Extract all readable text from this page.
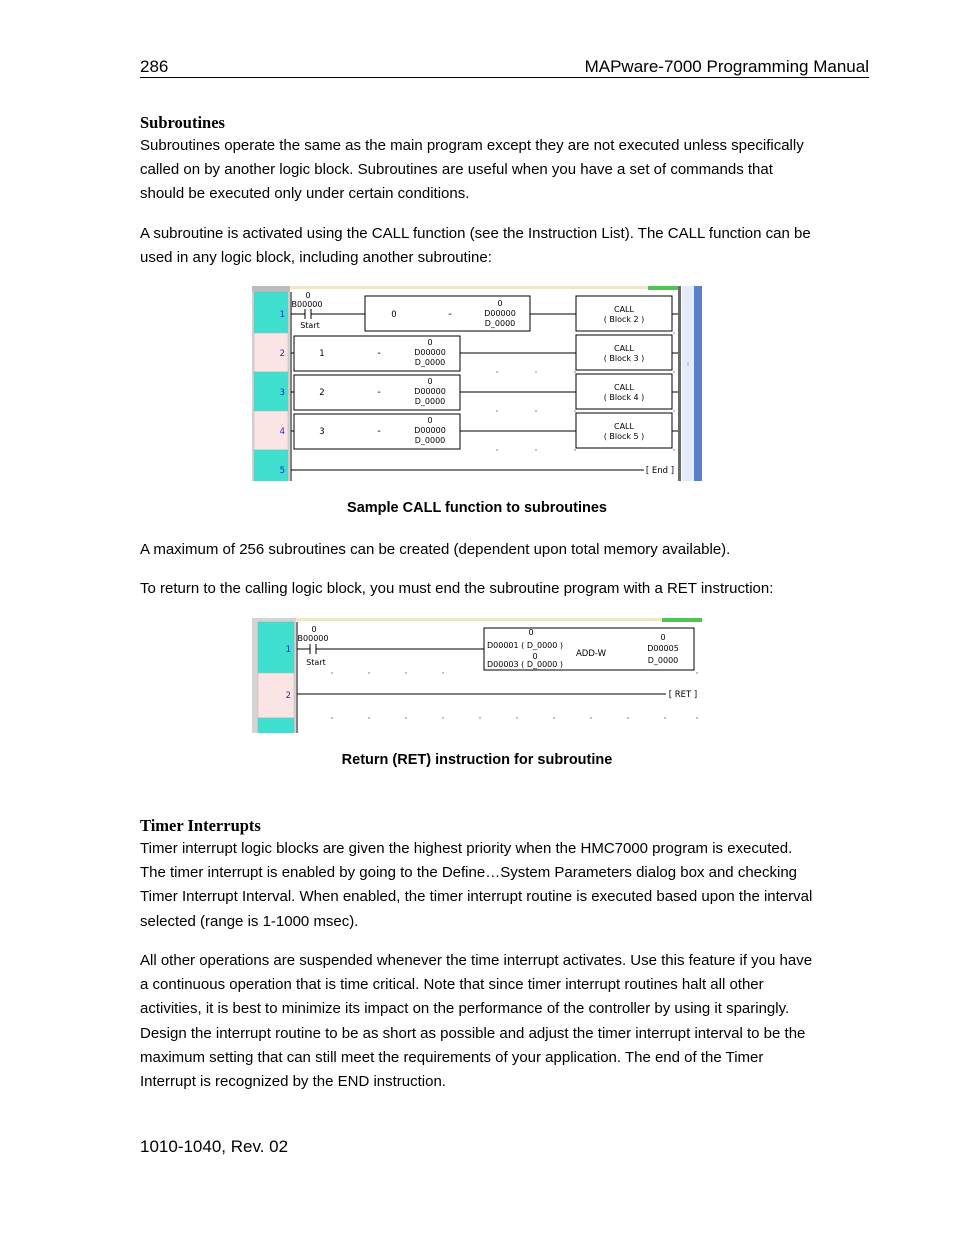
286	MAPware-7000 Programming Manual
Subroutines

Subroutines operate the same as the main program except they are not executed unless specifically called on by another logic block. Subroutines are useful when you have a set of commands that should be executed only under certain conditions.

A subroutine is activated using the CALL function (see the Instruction List). The CALL function can be used in any logic block, including another subroutine:

1
2
3
4
5
0
B00000
Start
0	-
0
D00000
D_0000
CALL
( Block 2 )
1	-
0
D00000
D_0000
CALL
( Block 3 )
2	-
0
D00000
D_0000
CALL
( Block 4 )
3	-
0
D00000
D_0000
CALL
( Block 5 )
[ End ]
Sample CALL function to subroutines

A maximum of 256 subroutines can be created (dependent upon total memory available).

To return to the calling logic block, you must end the subroutine program with a RET instruction:

1
2
0
B00000
Start
0
D00001 ( D_0000 )
0
D00003 ( D_0000 )
ADD-W
0
D00005
D_0000
[ RET ]
Return (RET) instruction for subroutine
Timer Interrupts

Timer interrupt logic blocks are given the highest priority when the HMC7000 program is executed. The timer interrupt is enabled by going to the Define…System Parameters dialog box and checking Timer Interrupt Interval. When enabled, the timer interrupt routine is executed based upon the interval selected (range is 1-1000 msec).

All other operations are suspended whenever the time interrupt activates. Use this feature if you have a continuous operation that is time critical. Note that since timer interrupt routines halt all other activities, it is best to minimize its impact on the performance of the controller by using it sparingly. Design the interrupt routine to be as short as possible and adjust the timer interrupt interval to be the maximum setting that can still meet the requirements of your application. The end of the Timer Interrupt is recognized by the END instruction.

1010-1040, Rev. 02
